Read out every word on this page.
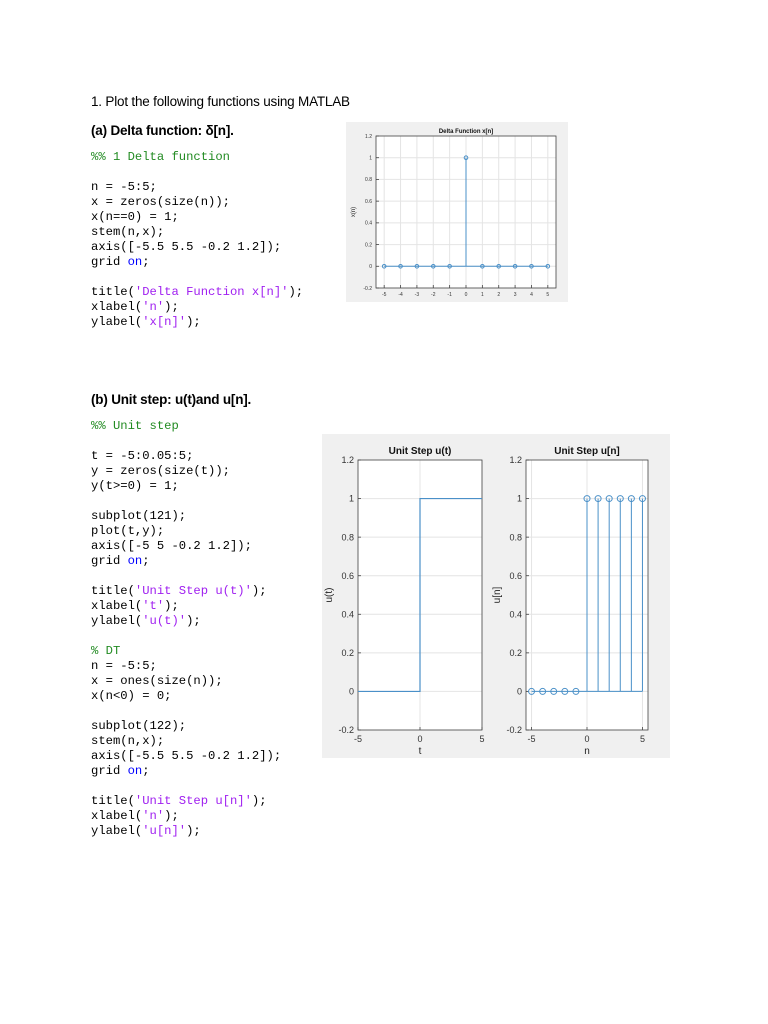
1. Plot the following functions using MATLAB
(a) Delta function: δ[n].
%% 1 Delta function
n = -5:5;
x = zeros(size(n));
x(n==0) = 1;
stem(n,x);
axis([-5.5 5.5 -0.2 1.2]);
grid on;
title('Delta Function x[n]');
xlabel('n');
ylabel('x[n]');
-5 -4 -3 -2 -1	0	1	2	3	4	5
-0.2
0
0.2
0.4
0.6
0.8
1
1.2
Delta Function x[n]
x(n)
(b) Unit step: u(t)and u[n].
%% Unit step
t = -5:0.05:5;
y = zeros(size(t));
y(t>=0) = 1;
subplot(121);
plot(t,y);
axis([-5 5 -0.2 1.2]);
grid on;
title('Unit Step u(t)');
xlabel('t');
ylabel('u(t)');
% DT
n = -5:5;
x = ones(size(n));
x(n<0) = 0;
subplot(122);
stem(n,x);
axis([-5.5 5.5 -0.2 1.2]);
grid on;
title('Unit Step u[n]');
xlabel('n');
ylabel('u[n]');
-5	0	5
-0.2
0
0.2
0.4
0.6
0.8
1
1.2
Unit Step u(t)
t
u(t)
-5	0	5
-0.2
0
0.2
0.4
0.6
0.8
1
1.2
Unit Step u[n]
n
u[n]
